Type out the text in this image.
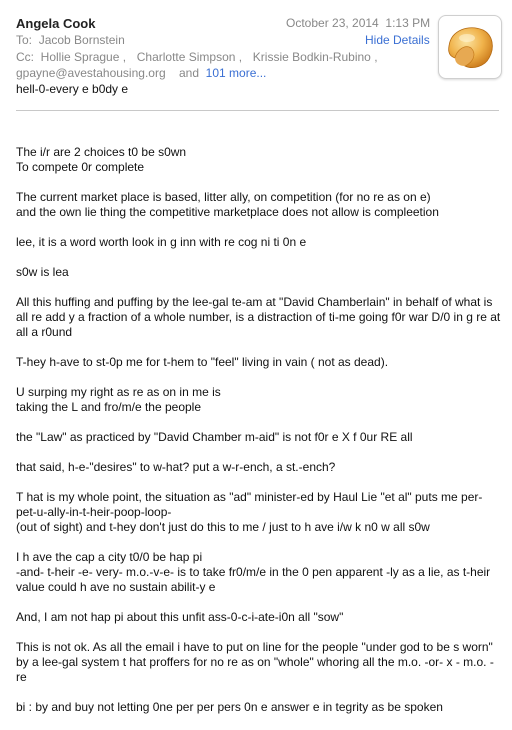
Angela Cook	October 23, 2014 1:13 PM
Hide Details
To: Jacob Bornstein
Cc: Hollie Sprague , Charlotte Simpson , Krissie Bodkin-Rubino ,
gpayne@avestahousing.org and 101 more...
hell-0-every e b0dy e
The i/r are 2 choices t0 be s0wn
To compete 0r complete
The current market place is based, litter ally, on competition (for no re as on e)
and the own lie thing the competitive marketplace does not allow is compleetion
lee, it is a word worth look in g inn with re cog ni ti 0n e
s0w is lea
All this huffing and puffing by the lee-gal te-am at "David Chamberlain" in behalf of what is all re add y a fraction of a whole number, is a distraction of ti-me going f0r war D/0 in g re at all a r0und
T-hey h-ave to st-0p me for t-hem to "feel" living in vain ( not as dead).
U surping my right as re as on in me is
taking the L and fro/m/e the people
the "Law" as practiced by "David Chamber m-aid" is not f0r e X f 0ur RE all
that said, h-e-"desires" to w-hat? put a w-r-ench, a st.-ench?
T hat is my whole point, the situation as "ad" minister-ed by Haul Lie "et al" puts me per-pet-u-ally-in-t-heir-poop-loop-
(out of sight) and t-hey don't just do this to me / just to h ave i/w k n0 w all s0w
I h ave the cap a city t0/0 be hap pi
-and- t-heir -e- very- m.o.-v-e- is to take fr0/m/e in the 0 pen apparent -ly as a lie, as t-heir value could h ave no sustain abilit-y e
And, I am not hap pi about this unfit ass-0-c-i-ate-i0n all "sow"
This is not ok. As all the email i have to put on line for the people "under god to be s worn" by a lee-gal system t hat proffers for no re as on "whole" whoring all the m.o. -or- x - m.o. - re
bi : by and buy not letting 0ne per per pers 0n e answer e in tegrity as be spoken
